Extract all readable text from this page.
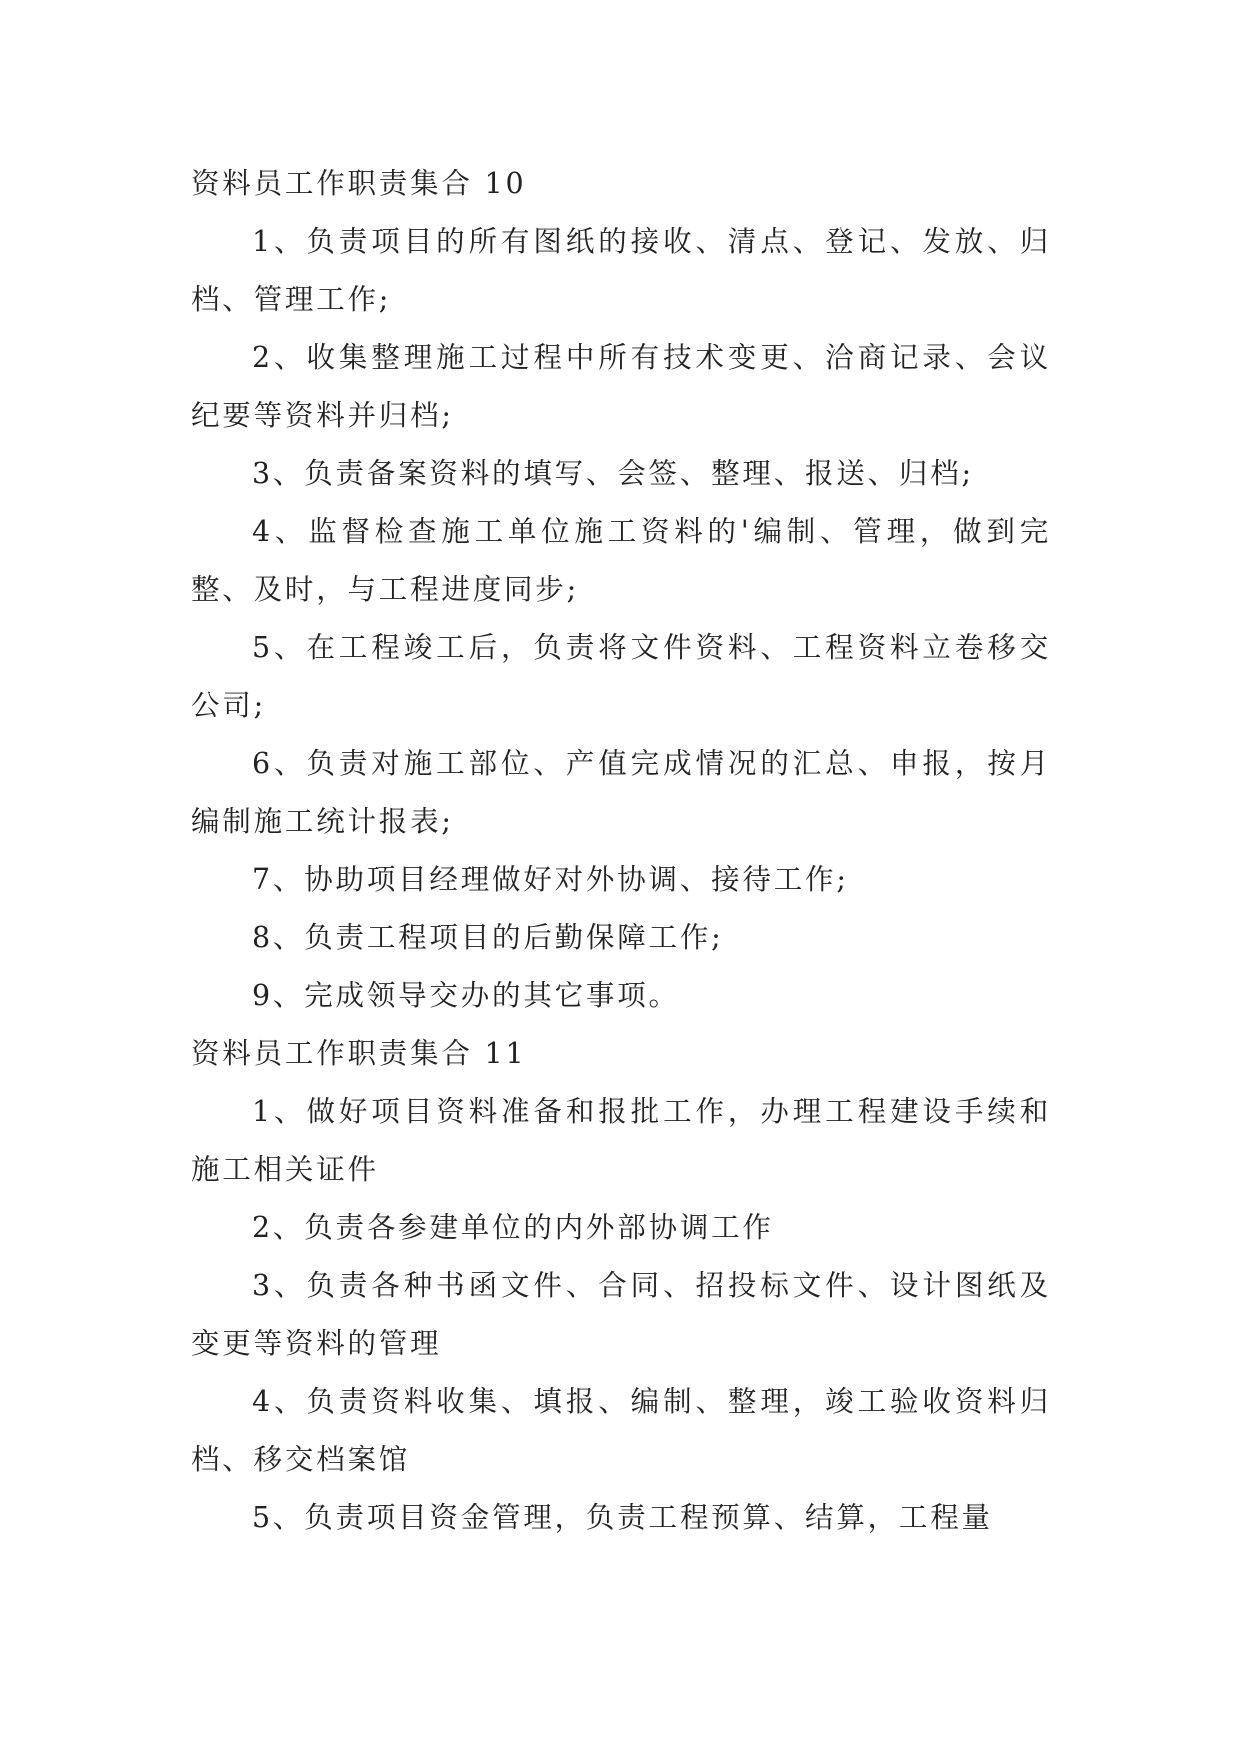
资料员工作职责集合 10

1、负责项目的所有图纸的接收、清点、登记、发放、归档、管理工作;

2、收集整理施工过程中所有技术变更、洽商记录、会议纪要等资料并归档;

3、负责备案资料的填写、会签、整理、报送、归档;

4、监督检查施工单位施工资料的'编制、管理，做到完整、及时，与工程进度同步;

5、在工程竣工后，负责将文件资料、工程资料立卷移交公司;

6、负责对施工部位、产值完成情况的汇总、申报，按月编制施工统计报表;

7、协助项目经理做好对外协调、接待工作;

8、负责工程项目的后勤保障工作;

9、完成领导交办的其它事项。

资料员工作职责集合 11

1、做好项目资料准备和报批工作，办理工程建设手续和施工相关证件

2、负责各参建单位的内外部协调工作

3、负责各种书函文件、合同、招投标文件、设计图纸及变更等资料的管理

4、负责资料收集、填报、编制、整理，竣工验收资料归档、移交档案馆

5、负责项目资金管理，负责工程预算、结算，工程量
